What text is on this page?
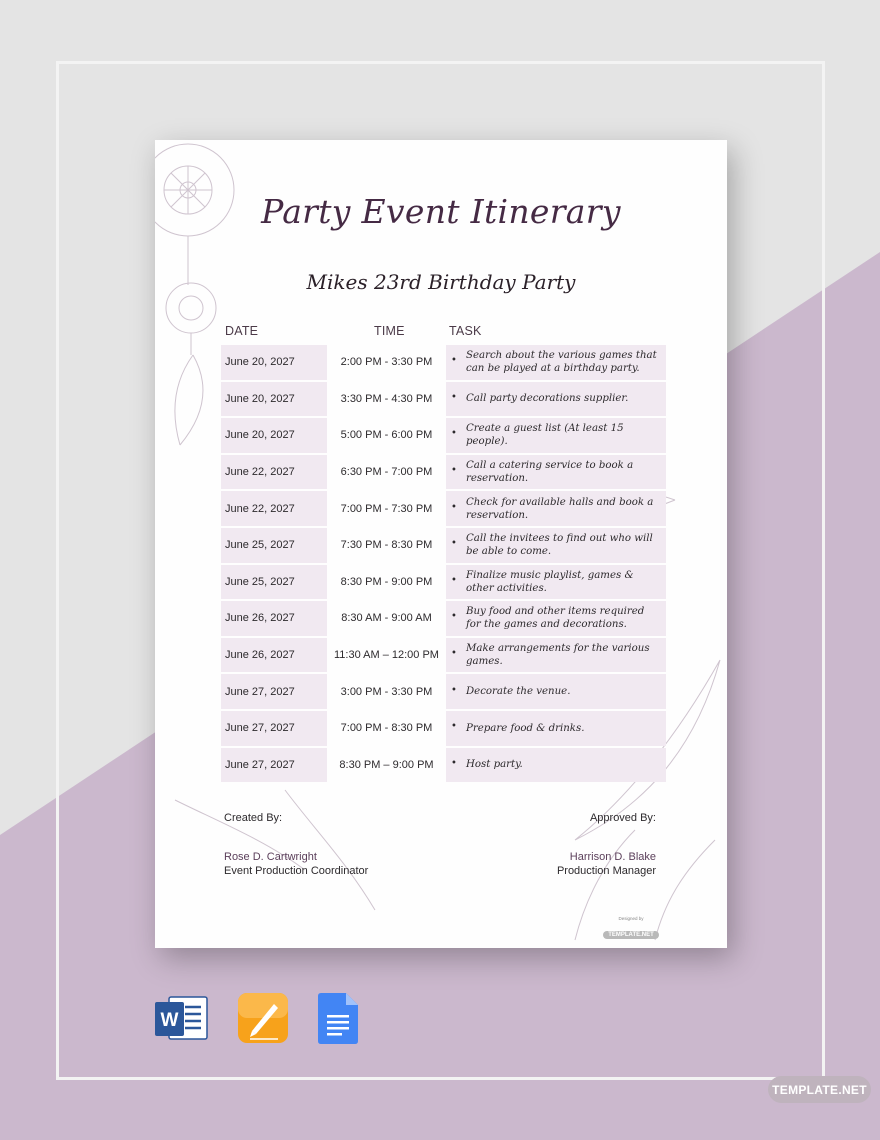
Party Event Itinerary
Mikes 23rd Birthday Party
DATE	TIME	TASK
June 20, 2027	2:00 PM - 3:30 PM	• Search about the various games that can be played at a birthday party.
June 20, 2027	3:30 PM - 4:30 PM	• Call party decorations supplier.
June 20, 2027	5:00 PM - 6:00 PM	• Create a guest list (At least 15 people).
June 22, 2027	6:30 PM - 7:00 PM	• Call a catering service to book a reservation.
June 22, 2027	7:00 PM - 7:30 PM	• Check for available halls and book a reservation.
June 25, 2027	7:30 PM - 8:30 PM	• Call the invitees to find out who will be able to come.
June 25, 2027	8:30 PM - 9:00 PM	• Finalize music playlist, games & other activities.
June 26, 2027	8:30 AM - 9:00 AM	• Buy food and other items required for the games and decorations.
June 26, 2027	11:30 AM – 12:00 PM	• Make arrangements for the various games.
June 27, 2027	3:00 PM - 3:30 PM	• Decorate the venue.
June 27, 2027	7:00 PM - 8:30 PM	• Prepare food & drinks.
June 27, 2027	8:30 PM – 9:00 PM	• Host party.
Created By:
Rose D. Cartwright
Event Production Coordinator
Approved By:
Harrison D. Blake
Production Manager
Designed by
TEMPLATE.NET
W
TEMPLATE.NET
